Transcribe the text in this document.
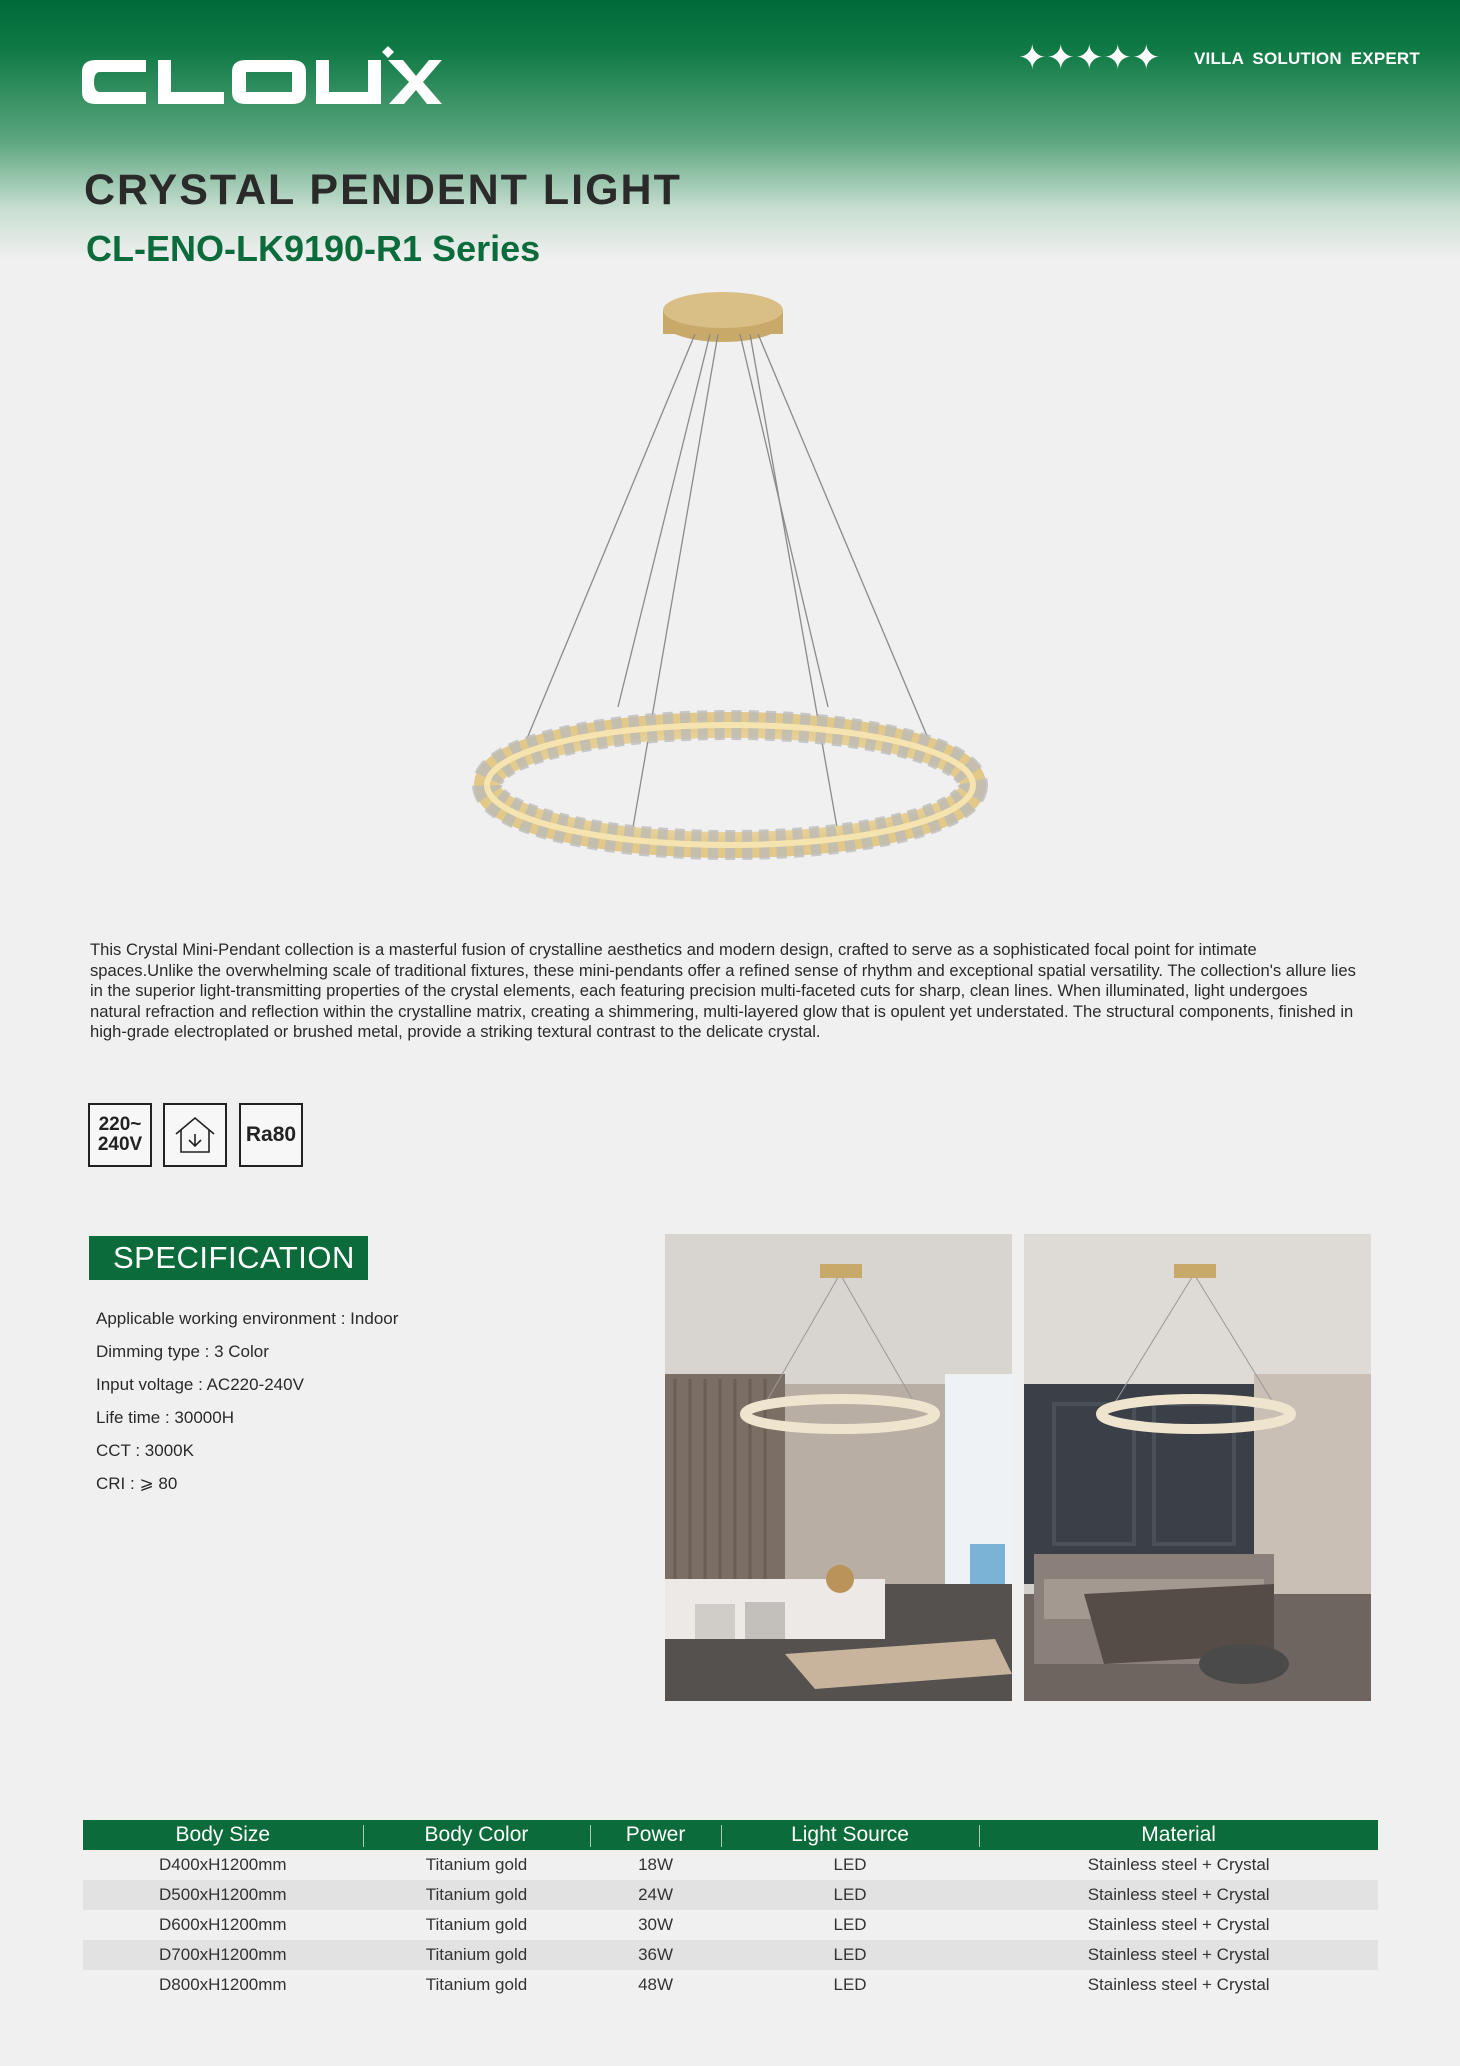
✦✦✦✦✦ VILLA SOLUTION EXPERT
CRYSTAL PENDENT LIGHT
CL-ENO-LK9190-R1 Series

This Crystal Mini-Pendant collection is a masterful fusion of crystalline aesthetics and modern design, crafted to serve as a sophisticated focal point for intimate spaces.Unlike the overwhelming scale of traditional fixtures, these mini-pendants offer a refined sense of rhythm and exceptional spatial versatility. The collection's allure lies in the superior light-transmitting properties of the crystal elements, each featuring precision multi-faceted cuts for sharp, clean lines. When illuminated, light undergoes natural refraction and reflection within the crystalline matrix, creating a shimmering, multi-layered glow that is opulent yet understated. The structural components, finished in high-grade electroplated or brushed metal, provide a striking textural contrast to the delicate crystal.

220~
240V	Ra80
SPECIFICATION
Applicable working environment : Indoor
Dimming type : 3 Color
Input voltage : AC220-240V
Life time : 30000H
CCT : 3000K
CRI : ⩾ 80
Body Size	Body Color	Power	Light Source	Material
D400xH1200mm	Titanium gold	18W	LED	Stainless steel + Crystal
D500xH1200mm	Titanium gold	24W	LED	Stainless steel + Crystal
D600xH1200mm	Titanium gold	30W	LED	Stainless steel + Crystal
D700xH1200mm	Titanium gold	36W	LED	Stainless steel + Crystal
D800xH1200mm	Titanium gold	48W	LED	Stainless steel + Crystal
